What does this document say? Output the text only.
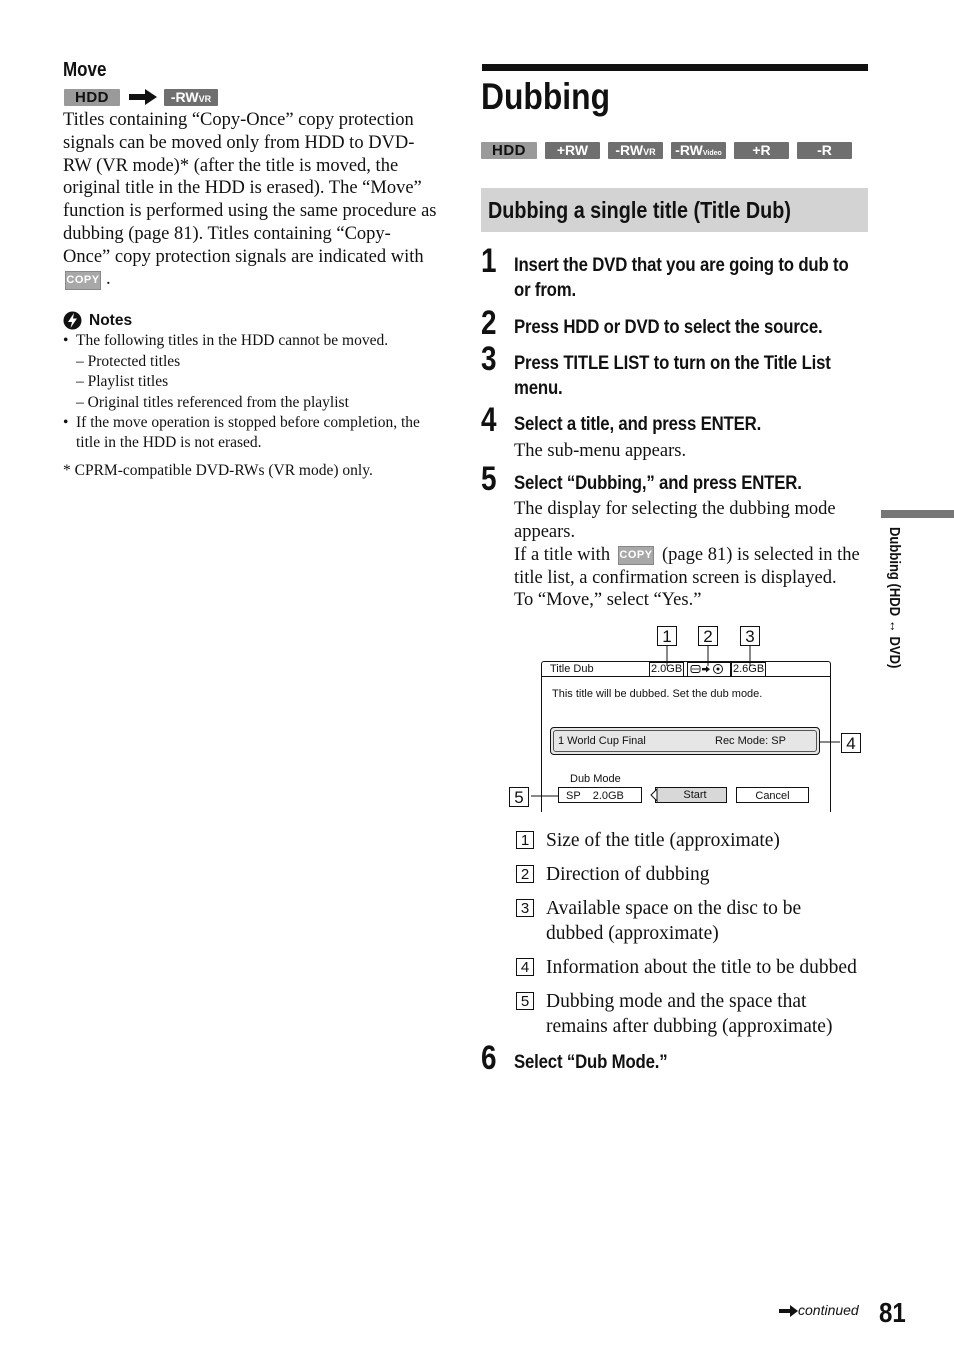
Move
HDD	-RWVR
Titles containing “Copy-Once” copy protection
signals can be moved only from HDD to DVD-
RW (VR mode)* (after the title is moved, the
original title in the HDD is erased). The “Move”
function is performed using the same procedure as
dubbing (page 81). Titles containing “Copy-
Once” copy protection signals are indicated with
COPY .
Notes
• The following titles in the HDD cannot be moved.
– Protected titles
– Playlist titles
– Original titles referenced from the playlist
• If the move operation is stopped before completion, the
title in the HDD is not erased.
* CPRM-compatible DVD-RWs (VR mode) only.
Dubbing
HDD	+RW	-RWVR	-RWVideo	+R	-R
Dubbing a single title (Title Dub)
1 Insert the DVD that you are going to dub to
or from.
2 Press HDD or DVD to select the source.
3 Press TITLE LIST to turn on the Title List
menu.
4 Select a title, and press ENTER.
The sub-menu appears.
5 Select “Dubbing,” and press ENTER.
The display for selecting the dubbing mode
appears.
If a title with COPY (page 81) is selected in the
title list, a confirmation screen is displayed.
To “Move,” select “Yes.”
1	2	3
Title Dub	2.0GB	2.6GB
This title will be dubbed. Set the dub mode.
1 World Cup Final	Rec Mode: SP	4
Dub Mode
SP    2.0GB	Start	Cancel
5
1 Size of the title (approximate)
2 Direction of dubbing
3 Available space on the disc to be dubbed (approximate)
4 Information about the title to be dubbed
5 Dubbing mode and the space that remains after dubbing (approximate)
6 Select “Dub Mode.”
Dubbing (HDD ↔ DVD)
continued 81
